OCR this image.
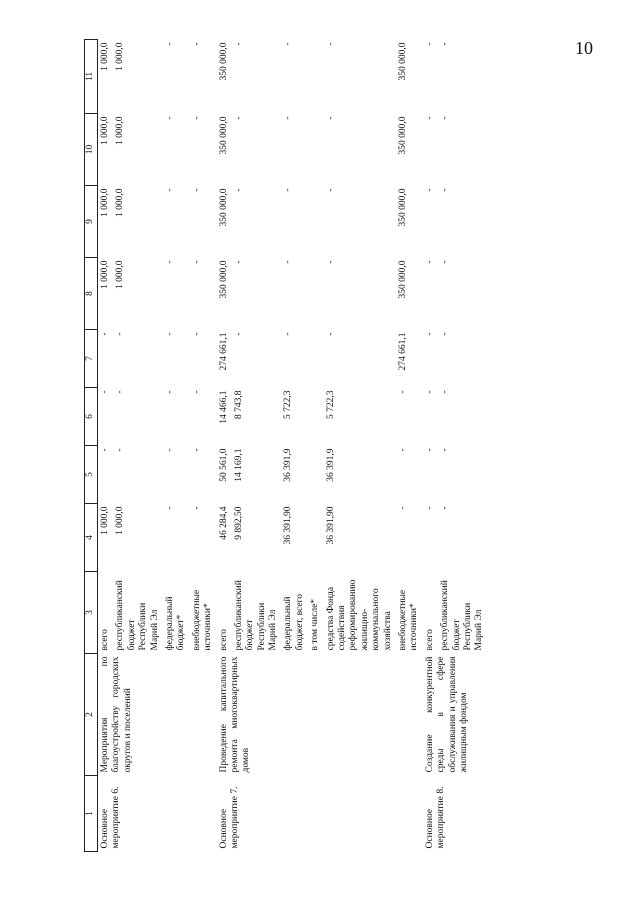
10
1	2	3	4	5	6	7	8	9	10	11
Основное мероприятие 6.	Мероприятия по благоустройству городских округов и поселений	всего	1 000,0	-	-	-	1 000,0	1 000,0	1 000,0	1 000,0
		республиканский бюджет Республики Марий Эл	1 000,0	-	-	-	1 000,0	1 000,0	1 000,0	1 000,0
		федеральный бюджет*	-	-	-	-	-	-	-	-
		внебюджетные источники*	-	-	-	-	-	-	-	-
Основное мероприятие 7.	Проведение капитального ремонта многоквартирных домов	всего	46 284,4	50 561,0	14 466,1	274 661,1	350 000,0	350 000,0	350 000,0	350 000,0
		республиканский бюджет Республики Марий Эл	9 892,50	14 169,1	8 743,8	-	-	-	-	-
		федеральный бюджет, всего	36 391,90	36 391,9	5 722,3	-	-	-	-	-
		в том числе*								
		средства Фонда содействия реформированию жилищно-коммунального хозяйства	36 391,90	36 391,9	5 722,3	-	-	-	-	-
		внебюджетные источники*	-	-	-	274 661,1	350 000,0	350 000,0	350 000,0	350 000,0
Основное мероприятие 8.	Создание конкурентной среды в сфере обслуживания и управления жилищным фондом	всего	-	-	-	-	-	-	-	-
		республиканский бюджет Республики Марий Эл	-	-	-	-	-	-	-	-
